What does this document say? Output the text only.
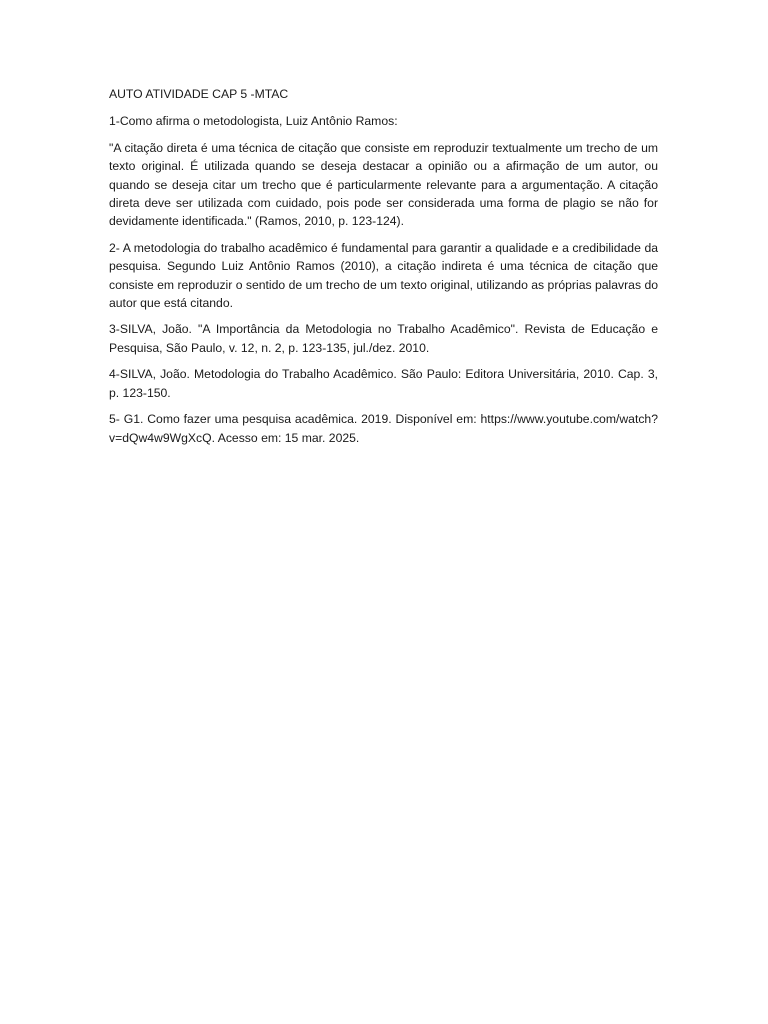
AUTO ATIVIDADE CAP 5 -MTAC

1-Como afirma o metodologista, Luiz Antônio Ramos:

"A citação direta é uma técnica de citação que consiste em reproduzir textualmente um trecho de um texto original. É utilizada quando se deseja destacar a opinião ou a afirmação de um autor, ou quando se deseja citar um trecho que é particularmente relevante para a argumentação. A citação direta deve ser utilizada com cuidado, pois pode ser considerada uma forma de plagio se não for devidamente identificada." (Ramos, 2010, p. 123-124).

2- A metodologia do trabalho acadêmico é fundamental para garantir a qualidade e a credibilidade da pesquisa. Segundo Luiz Antônio Ramos (2010), a citação indireta é uma técnica de citação que consiste em reproduzir o sentido de um trecho de um texto original, utilizando as próprias palavras do autor que está citando.

3-SILVA, João. "A Importância da Metodologia no Trabalho Acadêmico". Revista de Educação e Pesquisa, São Paulo, v. 12, n. 2, p. 123-135, jul./dez. 2010.

4-SILVA, João. Metodologia do Trabalho Acadêmico. São Paulo: Editora Universitária, 2010. Cap. 3, p. 123-150.

5- G1. Como fazer uma pesquisa acadêmica. 2019. Disponível em: https://www.youtube.com/watch?v=dQw4w9WgXcQ. Acesso em: 15 mar. 2025.
